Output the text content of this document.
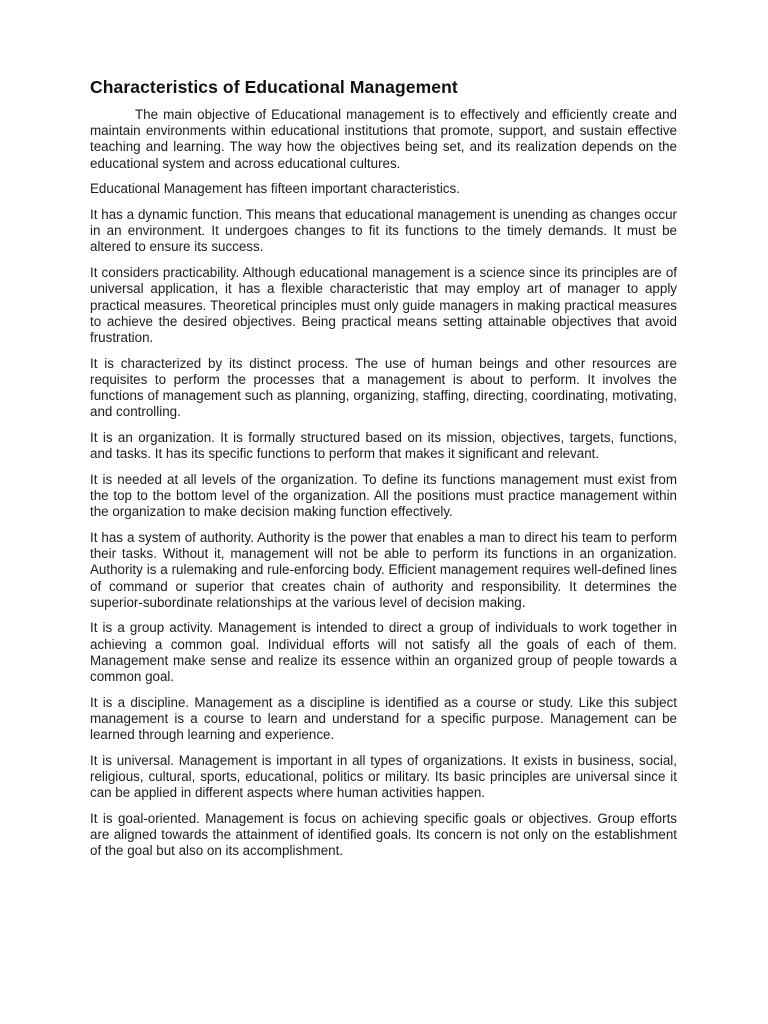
Characteristics of Educational Management

The main objective of Educational management is to effectively and efficiently create and maintain environments within educational institutions that promote, support, and sustain effective teaching and learning. The way how the objectives being set, and its realization depends on the educational system and across educational cultures.

Educational Management has fifteen important characteristics.

It has a dynamic function. This means that educational management is unending as changes occur in an environment. It undergoes changes to fit its functions to the timely demands. It must be altered to ensure its success.

It considers practicability. Although educational management is a science since its principles are of universal application, it has a flexible characteristic that may employ art of manager to apply practical measures. Theoretical principles must only guide managers in making practical measures to achieve the desired objectives. Being practical means setting attainable objectives that avoid frustration.

It is characterized by its distinct process. The use of human beings and other resources are requisites to perform the processes that a management is about to perform. It involves the functions of management such as planning, organizing, staffing, directing, coordinating, motivating, and controlling.

It is an organization. It is formally structured based on its mission, objectives, targets, functions, and tasks. It has its specific functions to perform that makes it significant and relevant.

It is needed at all levels of the organization. To define its functions management must exist from the top to the bottom level of the organization. All the positions must practice management within the organization to make decision making function effectively.

It has a system of authority. Authority is the power that enables a man to direct his team to perform their tasks. Without it, management will not be able to perform its functions in an organization. Authority is a rulemaking and rule-enforcing body. Efficient management requires well-defined lines of command or superior that creates chain of authority and responsibility. It determines the superior-subordinate relationships at the various level of decision making.

It is a group activity. Management is intended to direct a group of individuals to work together in achieving a common goal. Individual efforts will not satisfy all the goals of each of them. Management make sense and realize its essence within an organized group of people towards a common goal.

It is a discipline. Management as a discipline is identified as a course or study. Like this subject management is a course to learn and understand for a specific purpose. Management can be learned through learning and experience.

It is universal. Management is important in all types of organizations. It exists in business, social, religious, cultural, sports, educational, politics or military. Its basic principles are universal since it can be applied in different aspects where human activities happen.

It is goal-oriented. Management is focus on achieving specific goals or objectives. Group efforts are aligned towards the attainment of identified goals. Its concern is not only on the establishment of the goal but also on its accomplishment.
